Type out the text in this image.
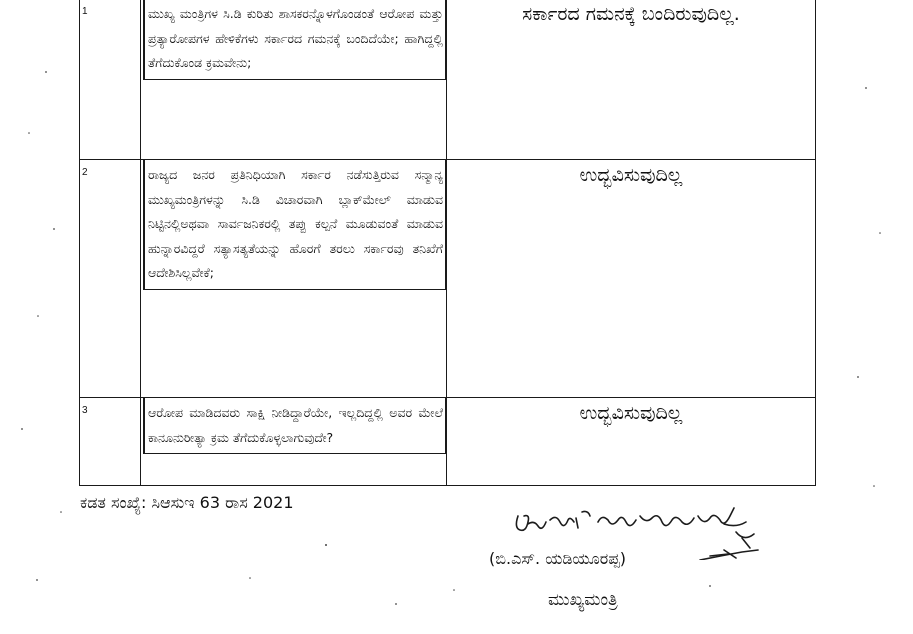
1	ಮುಖ್ಯ ಮಂತ್ರಿಗಳ ಸಿ.ಡಿ ಕುರಿತು ಶಾಸಕರನ್ನೊಳಗೊಂಡಂತೆ ಆರೋಪ ಮತ್ತು ಪ್ರತ್ಯಾರೋಪಗಳ ಹೇಳಿಕೆಗಳು ಸರ್ಕಾರದ ಗಮನಕ್ಕೆ ಬಂದಿದೆಯೇ; ಹಾಗಿದ್ದಲ್ಲಿ ತೆಗೆದುಕೊಂಡ ಕ್ರಮವೇನು;	ಸರ್ಕಾರದ ಗಮನಕ್ಕೆ ಬಂದಿರುವುದಿಲ್ಲ.

2	ರಾಜ್ಯದ ಜನರ ಪ್ರತಿನಿಧಿಯಾಗಿ ಸರ್ಕಾರ ನಡೆಸುತ್ತಿರುವ ಸನ್ಮಾನ್ಯ ಮುಖ್ಯಮಂತ್ರಿಗಳನ್ನು ಸಿ.ಡಿ ವಿಚಾರವಾಗಿ ಬ್ಲಾಕ್‌ಮೇಲ್ ಮಾಡುವ ನಿಟ್ಟಿನಲ್ಲಿಅಥವಾ ಸಾರ್ವಜನಿಕರಲ್ಲಿ ತಪ್ಪು ಕಲ್ಪನೆ ಮೂಡುವಂತೆ ಮಾಡುವ ಹುನ್ನಾರವಿದ್ದರೆ ಸತ್ಯಾಸತ್ಯತೆಯನ್ನು ಹೊರಗೆ ತರಲು ಸರ್ಕಾರವು ತನಿಖೆಗೆ ಆದೇಶಿಸಿಲ್ಲವೇಕೆ;	ಉದ್ಭವಿಸುವುದಿಲ್ಲ

3	ಆರೋಪ ಮಾಡಿದವರು ಸಾಕ್ಷಿ ನೀಡಿದ್ದಾರೆಯೇ, ಇಲ್ಲದಿದ್ದಲ್ಲಿ ಅವರ ಮೇಲೆ ಕಾನೂನುರೀತ್ಯಾ ಕ್ರಮ ತೆಗೆದುಕೊಳ್ಳಲಾಗುವುದೇ?	ಉದ್ಭವಿಸುವುದಿಲ್ಲ
ಕಡತ ಸಂಖ್ಯೆ: ಸಿಆಸುಇ 63 ರಾಸ 2021
(ಬಿ.ಎಸ್. ಯಡಿಯೂರಪ್ಪ)
ಮುಖ್ಯಮಂತ್ರಿ
